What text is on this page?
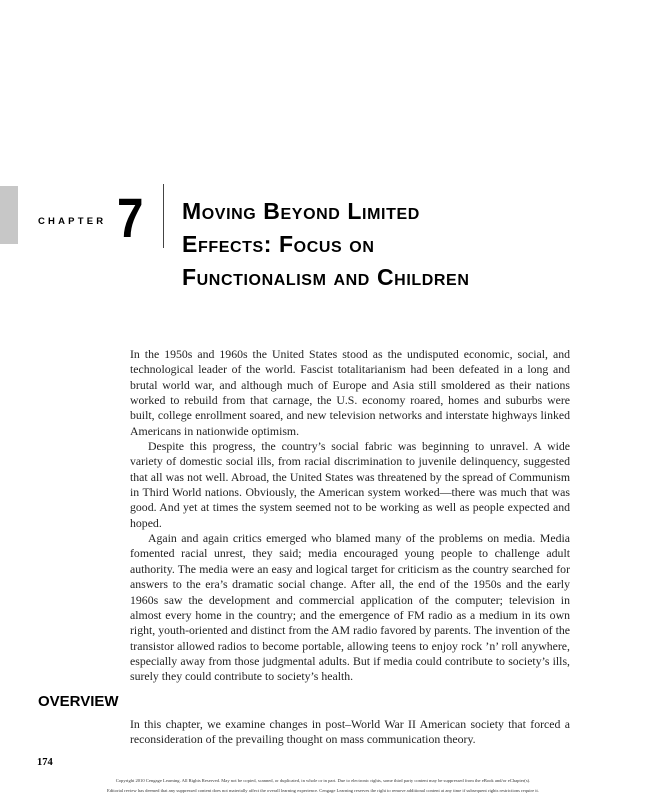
CHAPTER 7 Moving Beyond Limited
Effects: Focus on
Functionalism and Children

In the 1950s and 1960s the United States stood as the undisputed economic, social, and technological leader of the world. Fascist totalitarianism had been defeated in a long and brutal world war, and although much of Europe and Asia still smoldered as their nations worked to rebuild from that carnage, the U.S. economy roared, homes and suburbs were built, college enrollment soared, and new television networks and interstate highways linked Americans in nationwide optimism.

Despite this progress, the country’s social fabric was beginning to unravel. A wide variety of domestic social ills, from racial discrimination to juvenile delinquency, suggested that all was not well. Abroad, the United States was threatened by the spread of Communism in Third World nations. Obviously, the American system worked—there was much that was good. And yet at times the system seemed not to be working as well as people expected and hoped.

Again and again critics emerged who blamed many of the problems on media. Media fomented racial unrest, they said; media encouraged young people to challenge adult authority. The media were an easy and logical target for criticism as the country searched for answers to the era’s dramatic social change. After all, the end of the 1950s and the early 1960s saw the development and commercial application of the computer; television in almost every home in the country; and the emergence of FM radio as a medium in its own right, youth-oriented and distinct from the AM radio favored by parents. The invention of the transistor allowed radios to become portable, allowing teens to enjoy rock ’n’ roll anywhere, especially away from those judgmental adults. But if media could contribute to society’s ills, surely they could contribute to society’s health.

OVERVIEW

In this chapter, we examine changes in post–World War II American society that forced a reconsideration of the prevailing thought on mass communication theory.

174
Copyright 2010 Cengage Learning. All Rights Reserved. May not be copied, scanned, or duplicated, in whole or in part. Due to electronic rights, some third party content may be suppressed from the eBook and/or eChapter(s).
Editorial review has deemed that any suppressed content does not materially affect the overall learning experience. Cengage Learning reserves the right to remove additional content at any time if subsequent rights restrictions require it.
